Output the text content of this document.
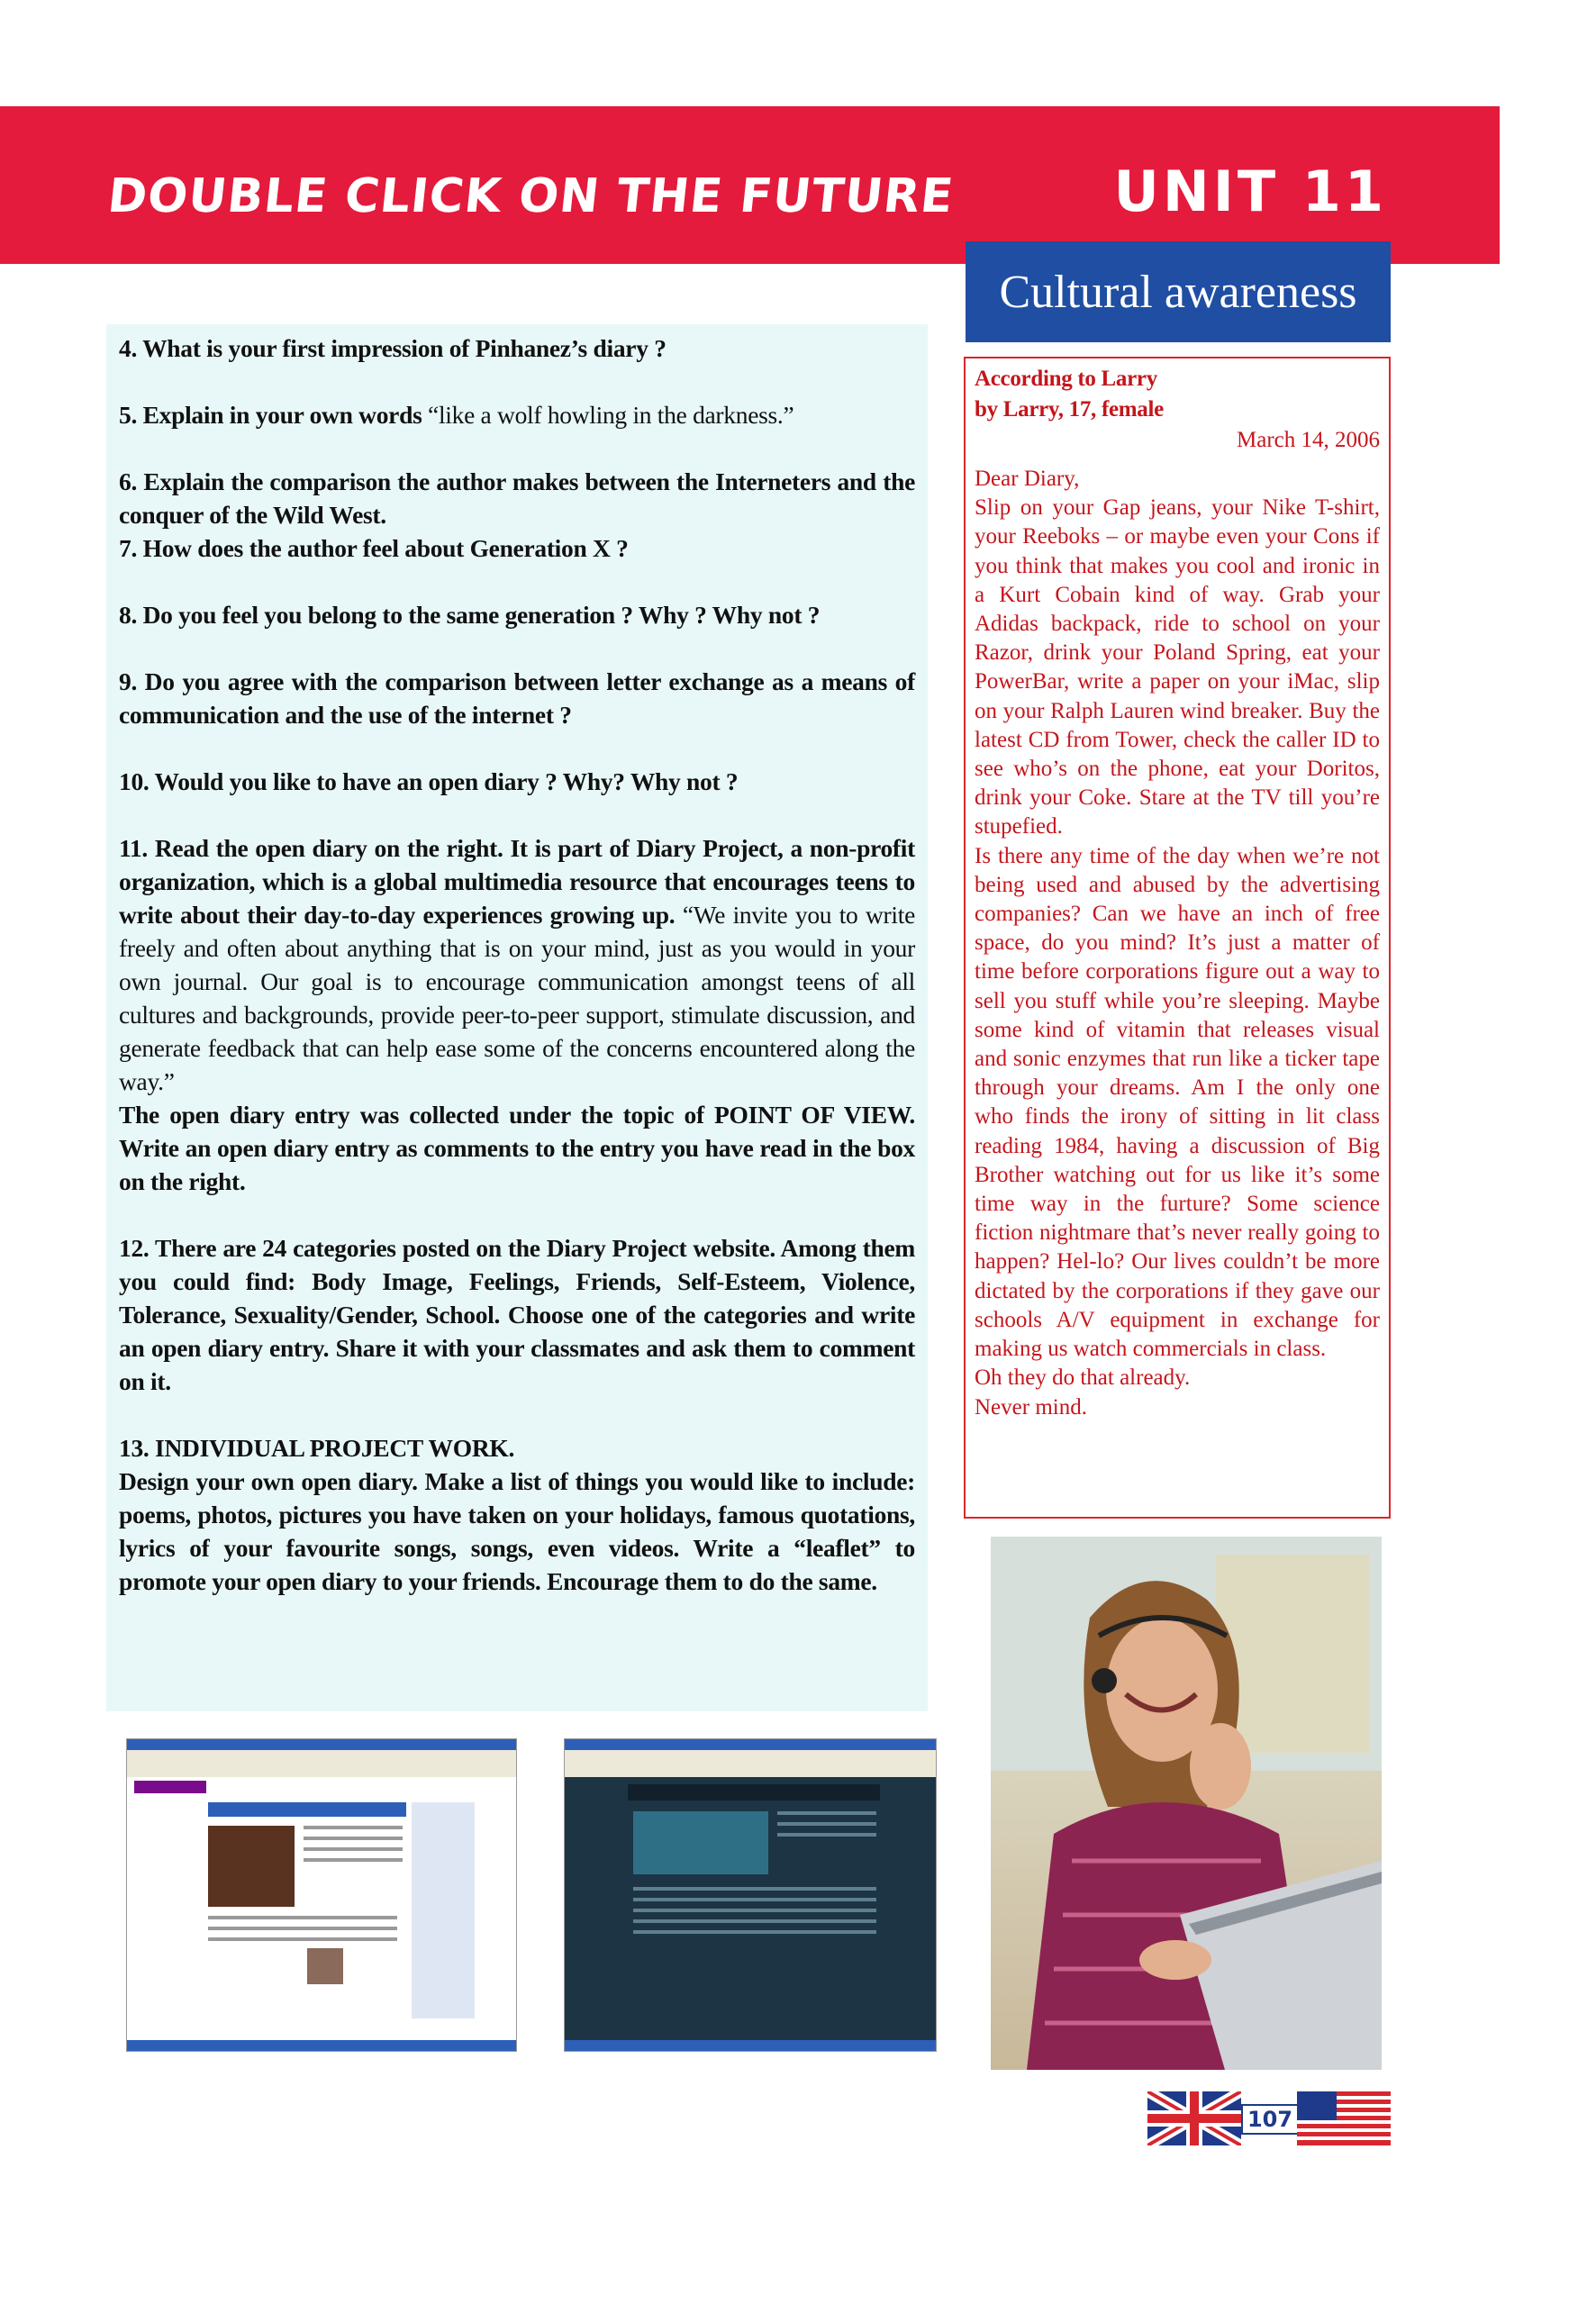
DOUBLE CLICK ON THE FUTURE	UNIT 11
Cultural awareness

4. What is your first impression of Pinhanez’s diary ?

5. Explain in your own words “like a wolf howling in the darkness.”

6. Explain the comparison the author makes between the Interneters and the conquer of the Wild West.

7. How does the author feel about Generation X ?

8. Do you feel you belong to the same generation ? Why ? Why not ?

9. Do you agree with the comparison between letter exchange as a means of communication and the use of the internet ?

10. Would you like to have an open diary ? Why? Why not ?

11. Read the open diary on the right. It is part of Diary Project, a non-profit organization, which is a global multimedia resource that encourages teens to write about their day-to-day experiences growing up. “We invite you to write freely and often about anything that is on your mind, just as you would in your own journal. Our goal is to encourage communication amongst teens of all cultures and backgrounds, provide peer-to-peer support, stimulate discussion, and generate feedback that can help ease some of the concerns encountered along the way.”

The open diary entry was collected under the topic of POINT OF VIEW. Write an open diary entry as comments to the entry you have read in the box on the right.

12. There are 24 categories posted on the Diary Project website. Among them you could find: Body Image, Feelings, Friends, Self-Esteem, Violence, Tolerance, Sexuality/Gender, School. Choose one of the categories and write an open diary entry. Share it with your classmates and ask them to comment on it.

13. INDIVIDUAL PROJECT WORK.

Design your own open diary. Make a list of things you would like to include: poems, photos, pictures you have taken on your holidays, famous quotations, lyrics of your favourite songs, songs, even videos. Write a “leaflet” to promote your open diary to your friends. Encourage them to do the same.

According to Larry
by Larry, 17, female
March 14, 2006
Dear Diary,
Slip on your Gap jeans, your Nike T-shirt, your Reeboks – or maybe even your Cons if you think that makes you cool and ironic in a Kurt Cobain kind of way. Grab your Adidas backpack, ride to school on your Razor, drink your Poland Spring, eat your PowerBar, write a paper on your iMac, slip on your Ralph Lauren wind breaker. Buy the latest CD from Tower, check the caller ID to see who’s on the phone, eat your Doritos, drink your Coke. Stare at the TV till you’re stupefied.
Is there any time of the day when we’re not being used and abused by the advertising companies? Can we have an inch of free space, do you mind? It’s just a matter of time before corporations figure out a way to sell you stuff while you’re sleeping. Maybe some kind of vitamin that releases visual and sonic enzymes that run like a ticker tape through your dreams. Am I the only one who finds the irony of sitting in lit class reading 1984, having a discussion of Big Brother watching out for us like it’s some time way in the furture? Some science fiction nightmare that’s never really going to happen? Hel-lo? Our lives couldn’t be more dictated by the corporations if they gave our schools A/V equipment in exchange for making us watch commercials in class.
Oh they do that already.
Never mind.
107
